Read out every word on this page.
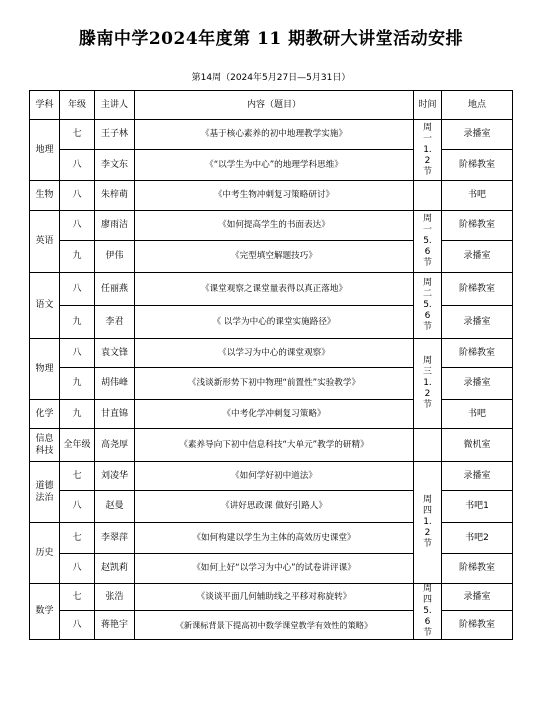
滕南中学2024年度第 11 期教研大讲堂活动安排
第14周（2024年5月27日—5月31日）
学科	年级	主讲人	内容（题目）	时间	地点
地理	七	王子林	《基于核心素养的初中地理教学实施》	周一1.2节	录播室
	八	李文东	《“以学生为中心”的地理学科思维》		阶梯教室
生物	八	朱梓萌	《中考生物冲刺复习策略研讨》		书吧
英语	八	廖雨洁	《如何提高学生的书面表达》	周一5.6节	阶梯教室
	九	伊伟	《完型填空解题技巧》		录播室
语文	八	任丽燕	《课堂观察之课堂量表得以真正落地》	周二5.6节	阶梯教室
	九	李君	《 以学为中心的课堂实施路径》		录播室
物理	八	袁文锋	《以学习为中心的课堂观察》	周三1.2节	阶梯教室
	九	胡伟峰	《浅谈新形势下初中物理“前置性”实验教学》		录播室
化学	九	甘直锦	《中考化学冲刺复习策略》		书吧
信息科技	全年级	高尧厚	《素养导向下初中信息科技“大单元”教学的研精》		微机室
道德法治	七	刘凌华	《如何学好初中道法》	周四1.2节	录播室
	八	赵曼	《讲好思政课 做好引路人》		书吧1
历史	七	李翠萍	《如何构建以学生为主体的高效历史课堂》		书吧2
	八	赵凯莉	《如何上好“以学习为中心”的试卷讲评课》		阶梯教室
数学	七	张浩	《谈谈平面几何辅助线之平移对称旋转》	周四5.6节	录播室
	八	蒋艳宇	《新课标背景下提高初中数学课堂教学有效性的策略》		阶梯教室
